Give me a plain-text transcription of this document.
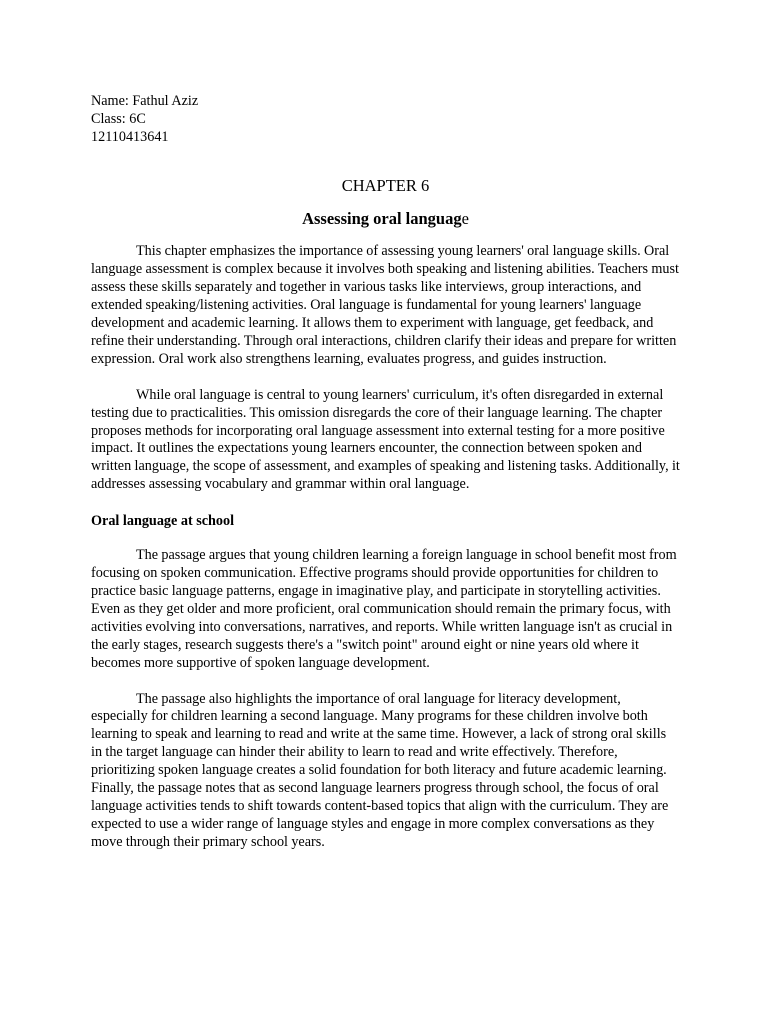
Name: Fathul Aziz
Class: 6C
12110413641
CHAPTER 6
Assessing oral language

This chapter emphasizes the importance of assessing young learners' oral language skills. Oral language assessment is complex because it involves both speaking and listening abilities. Teachers must assess these skills separately and together in various tasks like interviews, group interactions, and extended speaking/listening activities. Oral language is fundamental for young learners' language development and academic learning. It allows them to experiment with language, get feedback, and refine their understanding. Through oral interactions, children clarify their ideas and prepare for written expression. Oral work also strengthens learning, evaluates progress, and guides instruction.

While oral language is central to young learners' curriculum, it's often disregarded in external testing due to practicalities. This omission disregards the core of their language learning. The chapter proposes methods for incorporating oral language assessment into external testing for a more positive impact. It outlines the expectations young learners encounter, the connection between spoken and written language, the scope of assessment, and examples of speaking and listening tasks. Additionally, it addresses assessing vocabulary and grammar within oral language.

Oral language at school

The passage argues that young children learning a foreign language in school benefit most from focusing on spoken communication. Effective programs should provide opportunities for children to practice basic language patterns, engage in imaginative play, and participate in storytelling activities. Even as they get older and more proficient, oral communication should remain the primary focus, with activities evolving into conversations, narratives, and reports. While written language isn't as crucial in the early stages, research suggests there's a "switch point" around eight or nine years old where it becomes more supportive of spoken language development.

The passage also highlights the importance of oral language for literacy development, especially for children learning a second language. Many programs for these children involve both learning to speak and learning to read and write at the same time. However, a lack of strong oral skills in the target language can hinder their ability to learn to read and write effectively. Therefore, prioritizing spoken language creates a solid foundation for both literacy and future academic learning. Finally, the passage notes that as second language learners progress through school, the focus of oral language activities tends to shift towards content-based topics that align with the curriculum. They are expected to use a wider range of language styles and engage in more complex conversations as they move through their primary school years.
